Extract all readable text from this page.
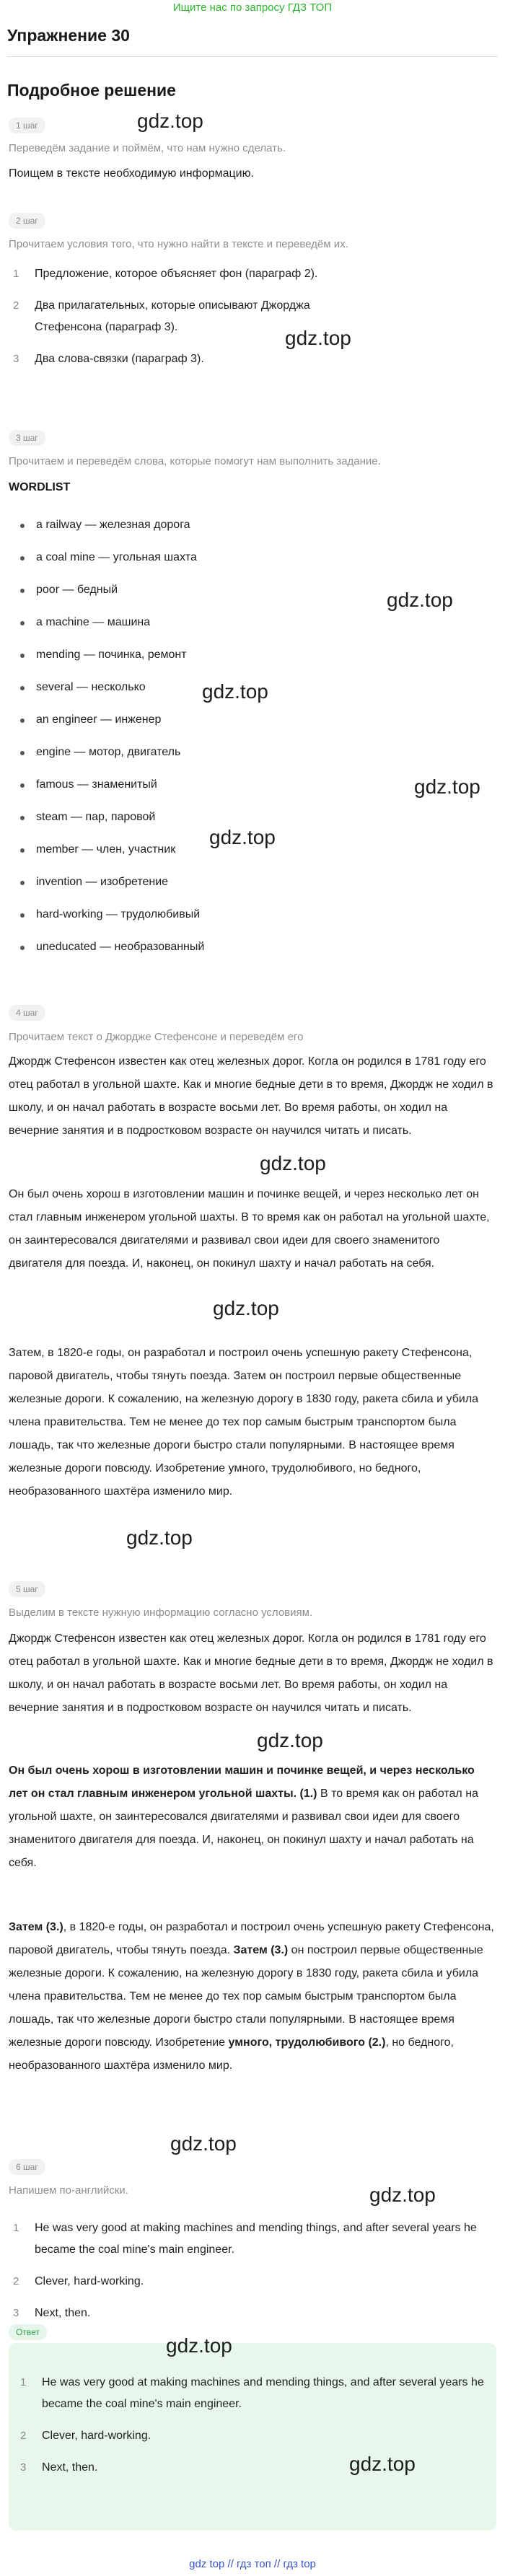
Ищите нас по запросу ГДЗ ТОП
Упражнение 30
Подробное решение
1 шаг	gdz.top
Переведём задание и поймём, что нам нужно сделать.
Поищем в тексте необходимую информацию.
2 шаг
Прочитаем условия того, что нужно найти в тексте и переведём их.
1 Предложение, которое объясняет фон (параграф 2).
2 Два прилагательных, которые описывают Джорджа Стефенсона (параграф 3).
3 Два слова-связки (параграф 3).
gdz.top
3 шаг
Прочитаем и переведём слова, которые помогут нам выполнить задание.
WORDLIST
a railway — железная дорога
a coal mine — угольная шахта
poor — бедный
a machine — машина
mending — починка, ремонт
several — несколько
an engineer — инженер
engine — мотор, двигатель
famous — знаменитый
steam — пар, паровой
member — член, участник
invention — изобретение
hard-working — трудолюбивый
uneducated — необразованный
gdz.top
gdz.top
gdz.top
gdz.top
4 шаг
Прочитаем текст о Джордже Стефенсоне и переведём его
Джордж Стефенсон известен как отец железных дорог. Когла он родился в 1781 году его отец работал в угольной шахте. Как и многие бедные дети в то время, Джордж не ходил в школу, и он начал работать в возрасте восьми лет. Во время работы, он ходил на вечерние занятия и в подростковом возрасте он научился читать и писать.
Он был очень хорош в изготовлении машин и починке вещей, и через несколько лет он стал главным инженером угольной шахты. В то время как он работал на угольной шахте, он заинтересовался двигателями и развивал свои идеи для своего знаменитого двигателя для поезда. И, наконец, он покинул шахту и начал работать на себя.
Затем, в 1820-е годы, он разработал и построил очень успешную ракету Стефенсона, паровой двигатель, чтобы тянуть поезда. Затем он построил первые общественные железные дороги. К сожалению, на железную дорогу в 1830 году, ракета сбила и убила члена правительства. Тем не менее до тех пор самым быстрым транспортом была лошадь, так что железные дороги быстро стали популярными. В настоящее время железные дороги повсюду. Изобретение умного, трудолюбивого, но бедного, необразованного шахтёра изменило мир.
gdz.top
gdz.top
gdz.top
5 шаг
Выделим в тексте нужную информацию согласно условиям.
Джордж Стефенсон известен как отец железных дорог. Когла он родился в 1781 году его отец работал в угольной шахте. Как и многие бедные дети в то время, Джордж не ходил в школу, и он начал работать в возрасте восьми лет. Во время работы, он ходил на вечерние занятия и в подростковом возрасте он научился читать и писать.
Он был очень хорош в изготовлении машин и починке вещей, и через несколько лет он стал главным инженером угольной шахты. (1.) В то время как он работал на угольной шахте, он заинтересовался двигателями и развивал свои идеи для своего знаменитого двигателя для поезда. И, наконец, он покинул шахту и начал работать на себя.
Затем (3.), в 1820-е годы, он разработал и построил очень успешную ракету Стефенсона, паровой двигатель, чтобы тянуть поезда. Затем (3.) он построил первые общественные железные дороги. К сожалению, на железную дорогу в 1830 году, ракета сбила и убила члена правительства. Тем не менее до тех пор самым быстрым транспортом была лошадь, так что железные дороги быстро стали популярными. В настоящее время железные дороги повсюду. Изобретение умного, трудолюбивого (2.), но бедного, необразованного шахтёра изменило мир.
gdz.top
gdz.top
6 шаг
Напишем по-английски.	gdz.top
1 He was very good at making machines and mending things, and after several years he became the coal mine's main engineer.
2 Clever, hard-working.
3 Next, then.
Ответ
1 He was very good at making machines and mending things, and after several years he became the coal mine's main engineer.
2 Clever, hard-working.
3 Next, then.
gdz.top
gdz.top
gdz top // гдз топ // гдз top
